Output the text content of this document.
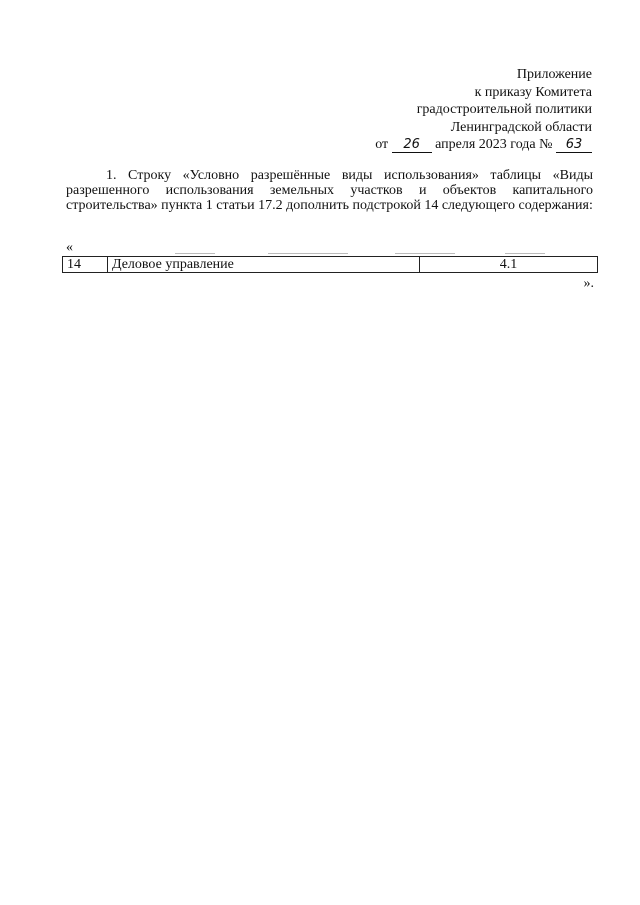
Приложение
к приказу Комитета
градостроительной политики
Ленинградской области
от 26 апреля 2023 года № 63

1. Строку «Условно разрешённые виды использования» таблицы «Виды разрешенного использования земельных участков и объектов капитального строительства» пункта 1 статьи 17.2 дополнить подстрокой 14 следующего содержания:

«
14	Деловое управление	4.1
».
